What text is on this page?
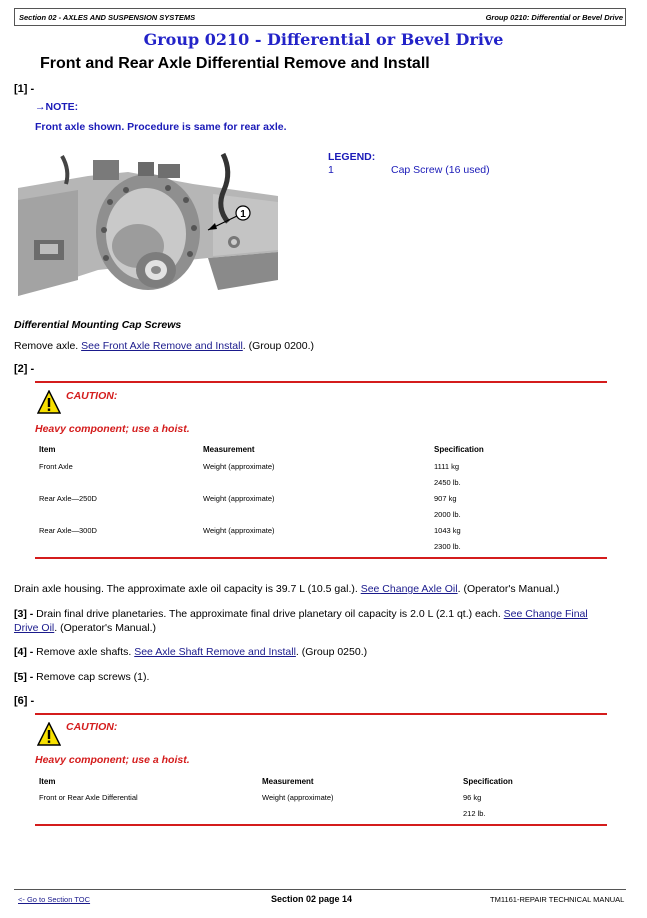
Section 02 - AXLES AND SUSPENSION SYSTEMS	Group 0210: Differential or Bevel Drive
Group 0210 - Differential or Bevel Drive
Front and Rear Axle Differential Remove and Install
[1] -
→NOTE:
Front axle shown. Procedure is same for rear axle.
1
LEGEND:
1	Cap Screw (16 used)
Differential Mounting Cap Screws
Remove axle. See Front Axle Remove and Install. (Group 0200.)
[2] -
CAUTION:
Heavy component; use a hoist.
Item	Measurement	Specification
Front Axle	Weight (approximate)	1111 kg
2450 lb.
Rear Axle—250D	Weight (approximate)	907 kg
2000 lb.
Rear Axle—300D	Weight (approximate)	1043 kg
2300 lb.
Drain axle housing. The approximate axle oil capacity is 39.7 L (10.5 gal.). See Change Axle Oil. (Operator's Manual.)
[3] - Drain final drive planetaries. The approximate final drive planetary oil capacity is 2.0 L (2.1 qt.) each. See Change Final Drive Oil. (Operator's Manual.)
[4] - Remove axle shafts. See Axle Shaft Remove and Install. (Group 0250.)
[5] - Remove cap screws (1).
[6] -
CAUTION:
Heavy component; use a hoist.
Item	Measurement	Specification
Front or Rear Axle Differential	Weight (approximate)	96 kg
212 lb.
<- Go to Section TOC	Section 02 page 14	TM1161-REPAIR TECHNICAL MANUAL
